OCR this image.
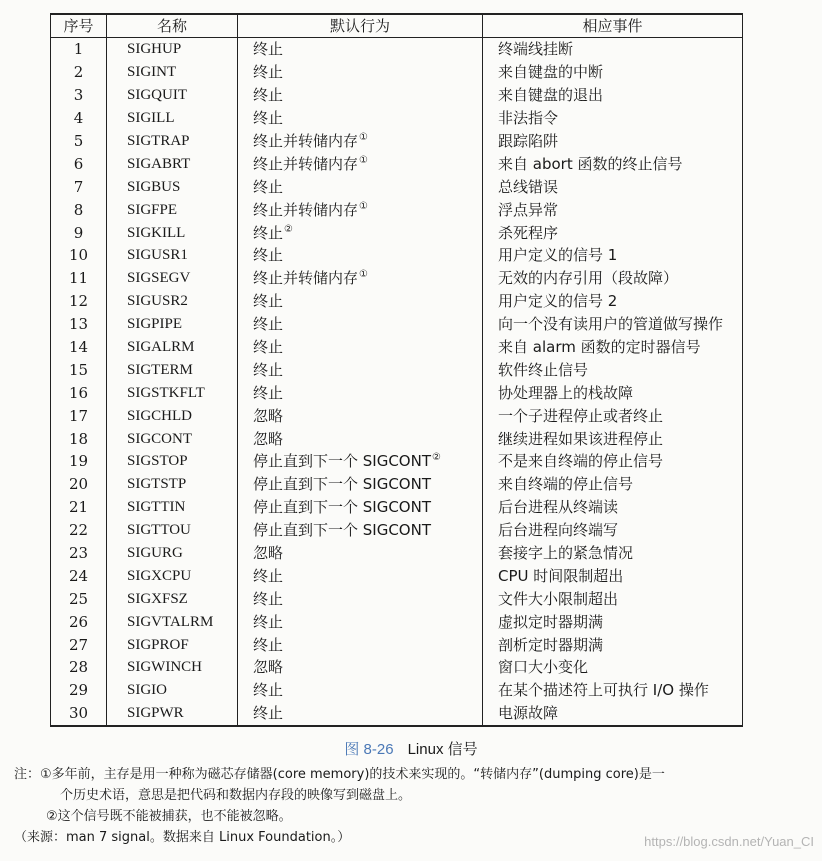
序号	名称	默认行为	相应事件
1	SIGHUP	终止	终端线挂断
2	SIGINT	终止	来自键盘的中断
3	SIGQUIT	终止	来自键盘的退出
4	SIGILL	终止	非法指令
5	SIGTRAP	终止并转储内存①	跟踪陷阱
6	SIGABRT	终止并转储内存①	来自 abort 函数的终止信号
7	SIGBUS	终止	总线错误
8	SIGFPE	终止并转储内存①	浮点异常
9	SIGKILL	终止②	杀死程序
10	SIGUSR1	终止	用户定义的信号 1
11	SIGSEGV	终止并转储内存①	无效的内存引用（段故障）
12	SIGUSR2	终止	用户定义的信号 2
13	SIGPIPE	终止	向一个没有读用户的管道做写操作
14	SIGALRM	终止	来自 alarm 函数的定时器信号
15	SIGTERM	终止	软件终止信号
16	SIGSTKFLT	终止	协处理器上的栈故障
17	SIGCHLD	忽略	一个子进程停止或者终止
18	SIGCONT	忽略	继续进程如果该进程停止
19	SIGSTOP	停止直到下一个 SIGCONT②	不是来自终端的停止信号
20	SIGTSTP	停止直到下一个 SIGCONT	来自终端的停止信号
21	SIGTTIN	停止直到下一个 SIGCONT	后台进程从终端读
22	SIGTTOU	停止直到下一个 SIGCONT	后台进程向终端写
23	SIGURG	忽略	套接字上的紧急情况
24	SIGXCPU	终止	CPU 时间限制超出
25	SIGXFSZ	终止	文件大小限制超出
26	SIGVTALRM	终止	虚拟定时器期满
27	SIGPROF	终止	剖析定时器期满
28	SIGWINCH	忽略	窗口大小变化
29	SIGIO	终止	在某个描述符上可执行 I/O 操作
30	SIGPWR	终止	电源故障
图 8-26 Linux 信号
注：①多年前，主存是用一种称为磁芯存储器(core memory)的技术来实现的。“转储内存”(dumping core)是一
个历史术语，意思是把代码和数据内存段的映像写到磁盘上。
②这个信号既不能被捕获，也不能被忽略。
（来源：man 7 signal。数据来自 Linux Foundation。）	https://blog.csdn.net/Yuan_CI
